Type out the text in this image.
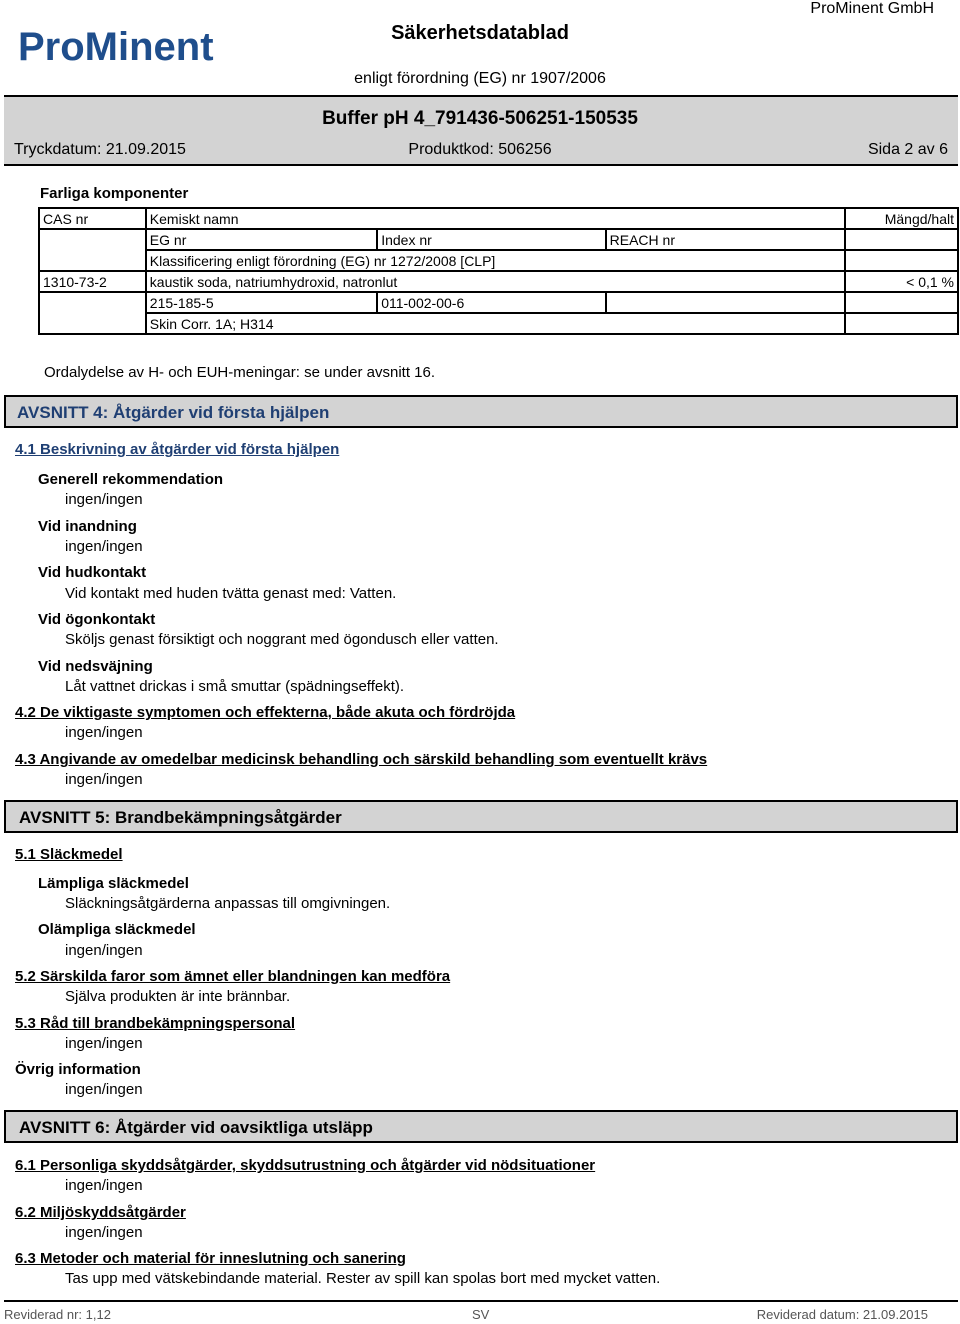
ProMinent	Säkerhetsdatablad
ProMinent GmbH
enligt förordning (EG) nr 1907/2006
Buffer pH 4_791436-506251-150535
Tryckdatum: 21.09.2015	Produktkod: 506256	Sida 2 av 6
Farliga komponenter
CAS nr	Kemiskt namn			Mängd/halt
	EG nr	Index nr	REACH nr	
	Klassificering enligt förordning (EG) nr 1272/2008 [CLP]			
1310-73-2	kaustik soda, natriumhydroxid, natronlut			< 0,1 %
	215-185-5	011-002-00-6		
	Skin Corr. 1A; H314			
Ordalydelse av H- och EUH-meningar: se under avsnitt 16.
AVSNITT 4: Åtgärder vid första hjälpen
4.1 Beskrivning av åtgärder vid första hjälpen
Generell rekommendation
ingen/ingen
Vid inandning
ingen/ingen
Vid hudkontakt
Vid kontakt med huden tvätta genast med: Vatten.
Vid ögonkontakt
Sköljs genast försiktigt och noggrant med ögondusch eller vatten.
Vid nedsväjning
Låt vattnet drickas i små smuttar (spädningseffekt).
4.2 De viktigaste symptomen och effekterna, både akuta och fördröjda
ingen/ingen
4.3 Angivande av omedelbar medicinsk behandling och särskild behandling som eventuellt krävs
ingen/ingen
AVSNITT 5: Brandbekämpningsåtgärder
5.1 Släckmedel
Lämpliga släckmedel
Släckningsåtgärderna anpassas till omgivningen.
Olämpliga släckmedel
ingen/ingen
5.2 Särskilda faror som ämnet eller blandningen kan medföra
Själva produkten är inte brännbar.
5.3 Råd till brandbekämpningspersonal
ingen/ingen
Övrig information
ingen/ingen
AVSNITT 6: Åtgärder vid oavsiktliga utsläpp
6.1 Personliga skyddsåtgärder, skyddsutrustning och åtgärder vid nödsituationer
ingen/ingen
6.2 Miljöskyddsåtgärder
ingen/ingen
6.3 Metoder och material för inneslutning och sanering
Tas upp med vätskebindande material. Rester av spill kan spolas bort med mycket vatten.
Reviderad nr: 1,12	SV	Reviderad datum: 21.09.2015
